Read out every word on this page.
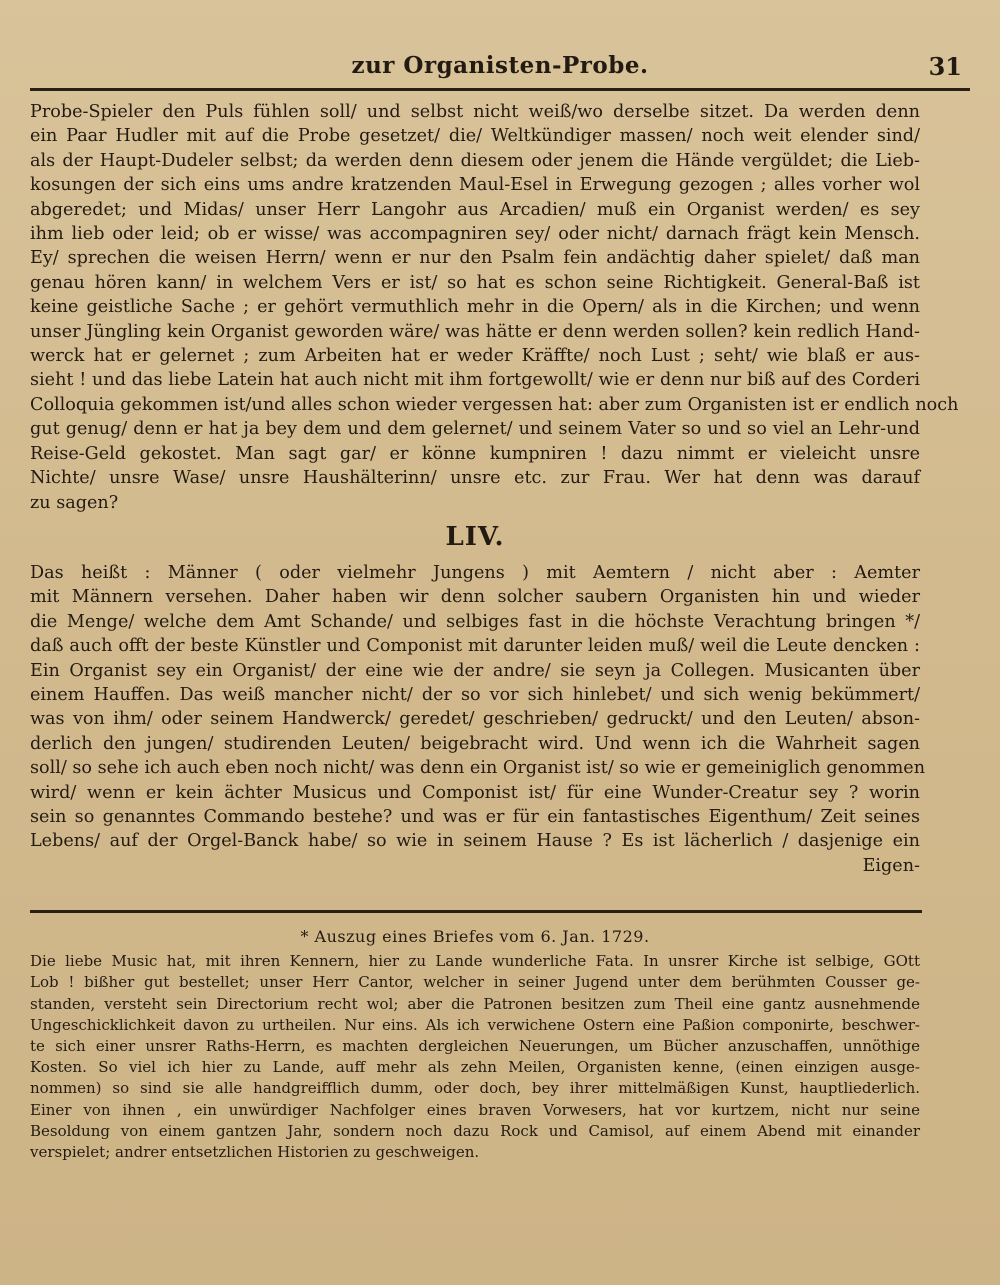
zur Organisten-Probe.	31
Probe-Spieler den Puls fühlen soll/ und selbst nicht weiß/wo derselbe sitzet. Da werden denn
ein Paar Hudler mit auf die Probe gesetzet/ die/ Weltkündiger massen/ noch weit elender sind/
als der Haupt-Dudeler selbst; da werden denn diesem oder jenem die Hände vergüldet; die Lieb-
kosungen der sich eins ums andre kratzenden Maul-Esel in Erwegung gezogen ; alles vorher wol
abgeredet; und Midas/ unser Herr Langohr aus Arcadien/ muß ein Organist werden/ es sey
ihm lieb oder leid; ob er wisse/ was accompagniren sey/ oder nicht/ darnach frägt kein Mensch.
Ey/ sprechen die weisen Herrn/ wenn er nur den Psalm fein andächtig daher spielet/ daß man
genau hören kann/ in welchem Vers er ist/ so hat es schon seine Richtigkeit. General-Baß ist
keine geistliche Sache ; er gehört vermuthlich mehr in die Opern/ als in die Kirchen; und wenn
unser Jüngling kein Organist geworden wäre/ was hätte er denn werden sollen? kein redlich Hand-
werck hat er gelernet ; zum Arbeiten hat er weder Kräffte/ noch Lust ; seht/ wie blaß er aus-
sieht ! und das liebe Latein hat auch nicht mit ihm fortgewollt/ wie er denn nur biß auf des Corderi
Colloquia gekommen ist/und alles schon wieder vergessen hat: aber zum Organisten ist er endlich noch
gut genug/ denn er hat ja bey dem und dem gelernet/ und seinem Vater so und so viel an Lehr-und
Reise-Geld gekostet. Man sagt gar/ er könne kumpniren ! dazu nimmt er vieleicht unsre
Nichte/ unsre Wase/ unsre Haushälterinn/ unsre etc. zur Frau. Wer hat denn was darauf
zu sagen?
LIV.
Das heißt : Männer ( oder vielmehr Jungens ) mit Aemtern / nicht aber : Aemter
mit Männern versehen. Daher haben wir denn solcher saubern Organisten hin und wieder
die Menge/ welche dem Amt Schande/ und selbiges fast in die höchste Verachtung bringen */
daß auch offt der beste Künstler und Componist mit darunter leiden muß/ weil die Leute dencken :
Ein Organist sey ein Organist/ der eine wie der andre/ sie seyn ja Collegen. Musicanten über
einem Hauffen. Das weiß mancher nicht/ der so vor sich hinlebet/ und sich wenig bekümmert/
was von ihm/ oder seinem Handwerck/ geredet/ geschrieben/ gedruckt/ und den Leuten/ abson-
derlich den jungen/ studirenden Leuten/ beigebracht wird. Und wenn ich die Wahrheit sagen
soll/ so sehe ich auch eben noch nicht/ was denn ein Organist ist/ so wie er gemeiniglich genommen
wird/ wenn er kein ächter Musicus und Componist ist/ für eine Wunder-Creatur sey ? worin
sein so genanntes Commando bestehe? und was er für ein fantastisches Eigenthum/ Zeit seines
Lebens/ auf der Orgel-Banck habe/ so wie in seinem Hause ? Es ist lächerlich / dasjenige ein
Eigen-
* Auszug eines Briefes vom 6. Jan. 1729.
Die liebe Music hat, mit ihren Kennern, hier zu Lande wunderliche Fata. In unsrer Kirche ist selbige, GOtt
Lob ! bißher gut bestellet; unser Herr Cantor, welcher in seiner Jugend unter dem berühmten Cousser ge-
standen, versteht sein Directorium recht wol; aber die Patronen besitzen zum Theil eine gantz ausnehmende
Ungeschicklichkeit davon zu urtheilen. Nur eins. Als ich verwichene Ostern eine Paßion componirte, beschwer-
te sich einer unsrer Raths-Herrn, es machten dergleichen Neuerungen, um Bücher anzuschaffen, unnöthige
Kosten. So viel ich hier zu Lande, auff mehr als zehn Meilen, Organisten kenne, (einen einzigen ausge-
nommen) so sind sie alle handgreifflich dumm, oder doch, bey ihrer mittelmäßigen Kunst, hauptliederlich.
Einer von ihnen , ein unwürdiger Nachfolger eines braven Vorwesers, hat vor kurtzem, nicht nur seine
Besoldung von einem gantzen Jahr, sondern noch dazu Rock und Camisol, auf einem Abend mit einander
verspielet; andrer entsetzlichen Historien zu geschweigen.
